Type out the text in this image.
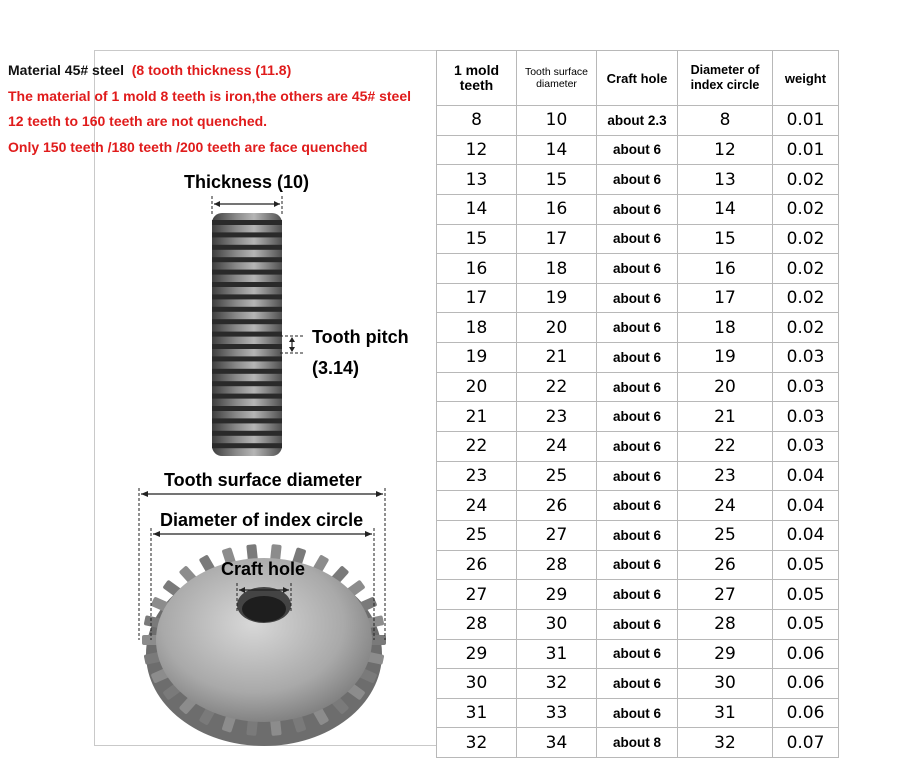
Material 45# steel (8 tooth thickness (11.8)
The material of 1 mold 8 teeth is iron,the others are 45# steel
12 teeth to 160 teeth are not quenched.
Only 150 teeth /180 teeth /200 teeth are face quenched
Thickness (10)
Tooth pitch
(3.14)
Tooth surface diameter
Diameter of index circle
Craft hole
1 mold teeth	Tooth surface diameter	Craft hole	Diameter of index circle	weight
8	10	about 2.3	8	0.01
12	14	about 6	12	0.01
13	15	about 6	13	0.02
14	16	about 6	14	0.02
15	17	about 6	15	0.02
16	18	about 6	16	0.02
17	19	about 6	17	0.02
18	20	about 6	18	0.02
19	21	about 6	19	0.03
20	22	about 6	20	0.03
21	23	about 6	21	0.03
22	24	about 6	22	0.03
23	25	about 6	23	0.04
24	26	about 6	24	0.04
25	27	about 6	25	0.04
26	28	about 6	26	0.05
27	29	about 6	27	0.05
28	30	about 6	28	0.05
29	31	about 6	29	0.06
30	32	about 6	30	0.06
31	33	about 6	31	0.06
32	34	about 8	32	0.07
